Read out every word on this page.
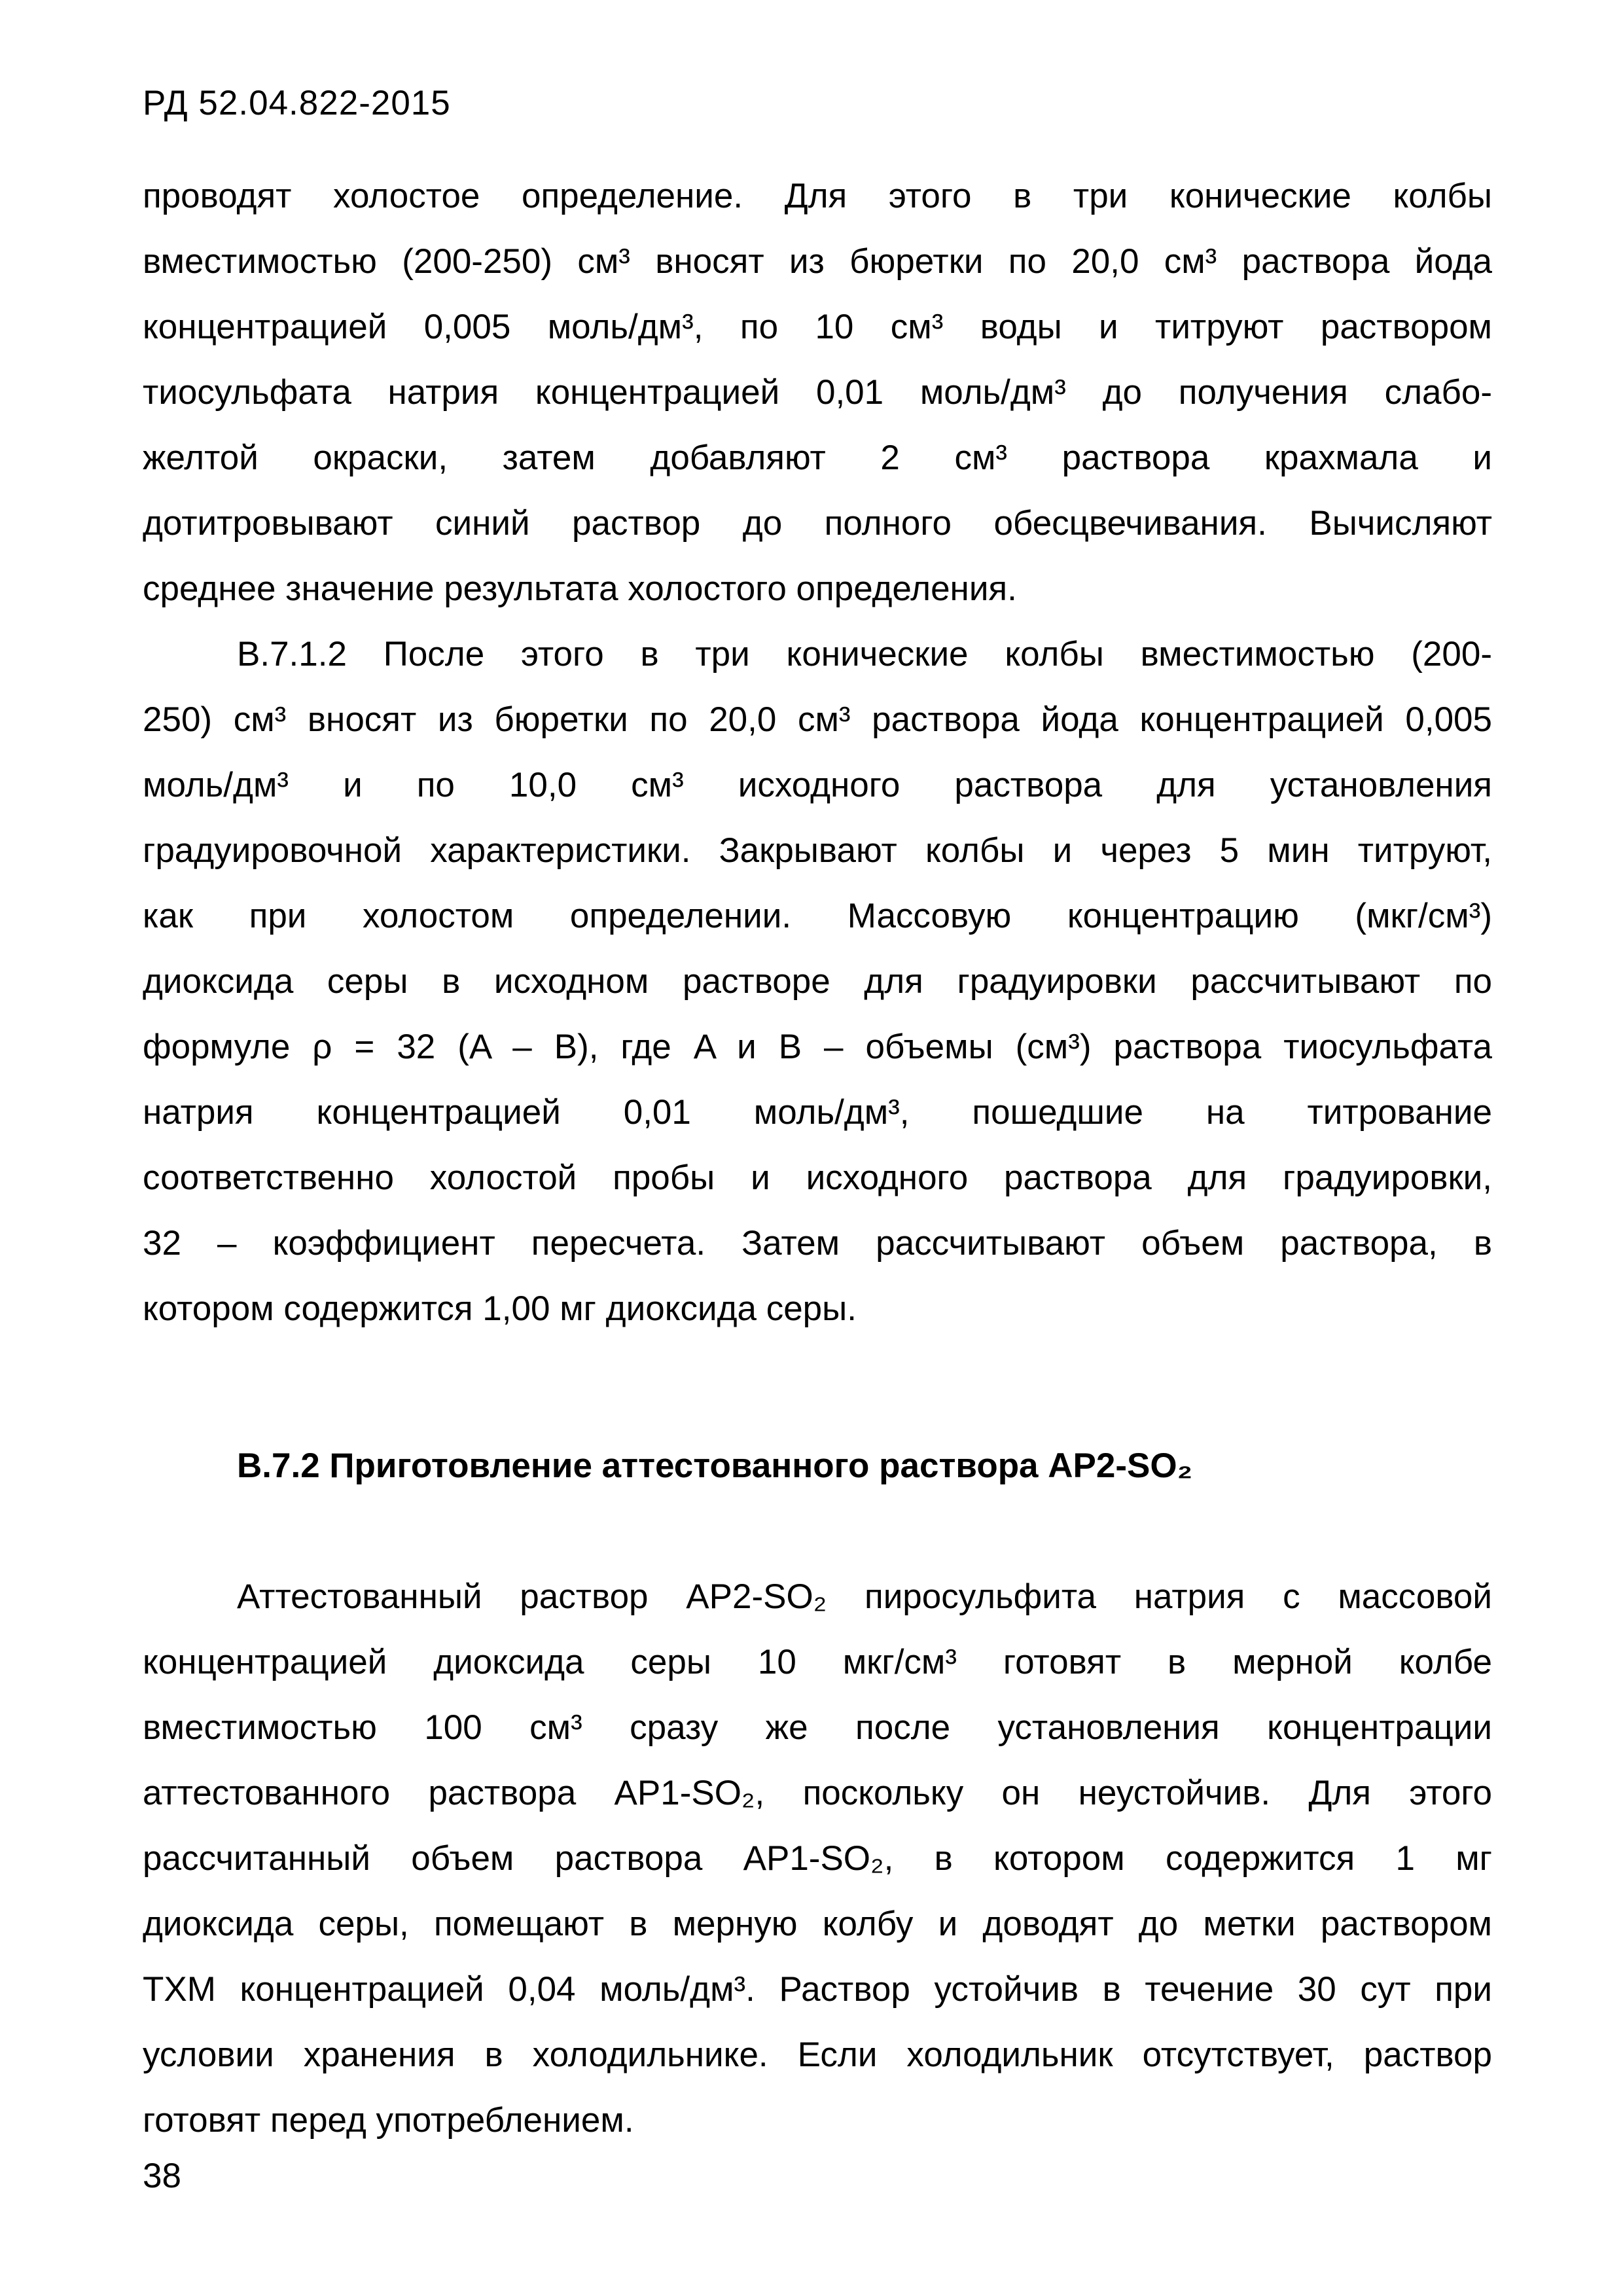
РД 52.04.822-2015

проводят холостое определение. Для этого в три конические колбы

вместимостью (200-250) см³ вносят из бюретки по 20,0 см³ раствора йода

концентрацией 0,005 моль/дм³, по 10 см³ воды и титруют раствором

тиосульфата натрия концентрацией 0,01 моль/дм³ до получения слабо-

желтой окраски, затем добавляют 2 см³ раствора крахмала и

дотитровывают синий раствор до полного обесцвечивания. Вычисляют

среднее значение результата холостого определения.

В.7.1.2 После этого в три конические колбы вместимостью (200-

250) см³ вносят из бюретки по 20,0 см³ раствора йода концентрацией 0,005

моль/дм³ и по 10,0 см³ исходного раствора для установления

градуировочной характеристики. Закрывают колбы и через 5 мин титруют,

как при холостом определении. Массовую концентрацию (мкг/см³)

диоксида серы в исходном растворе для градуировки рассчитывают по

формуле ρ = 32 (A – B), где A и B – объемы (см³) раствора тиосульфата

натрия концентрацией 0,01 моль/дм³, пошедшие на титрование

соответственно холостой пробы и исходного раствора для градуировки,

32 – коэффициент пересчета. Затем рассчитывают объем раствора, в

котором содержится 1,00 мг диоксида серы.

В.7.2 Приготовление аттестованного раствора АР2-SO₂

Аттестованный раствор АР2-SO₂ пиросульфита натрия с массовой

концентрацией диоксида серы 10 мкг/см³ готовят в мерной колбе

вместимостью 100 см³ сразу же после установления концентрации

аттестованного раствора АР1-SO₂, поскольку он неустойчив. Для этого

рассчитанный объем раствора АР1-SO₂, в котором содержится 1 мг

диоксида серы, помещают в мерную колбу и доводят до метки раствором

ТХМ концентрацией 0,04 моль/дм³. Раствор устойчив в течение 30 сут при

условии хранения в холодильнике. Если холодильник отсутствует, раствор

готовят перед употреблением.

38
